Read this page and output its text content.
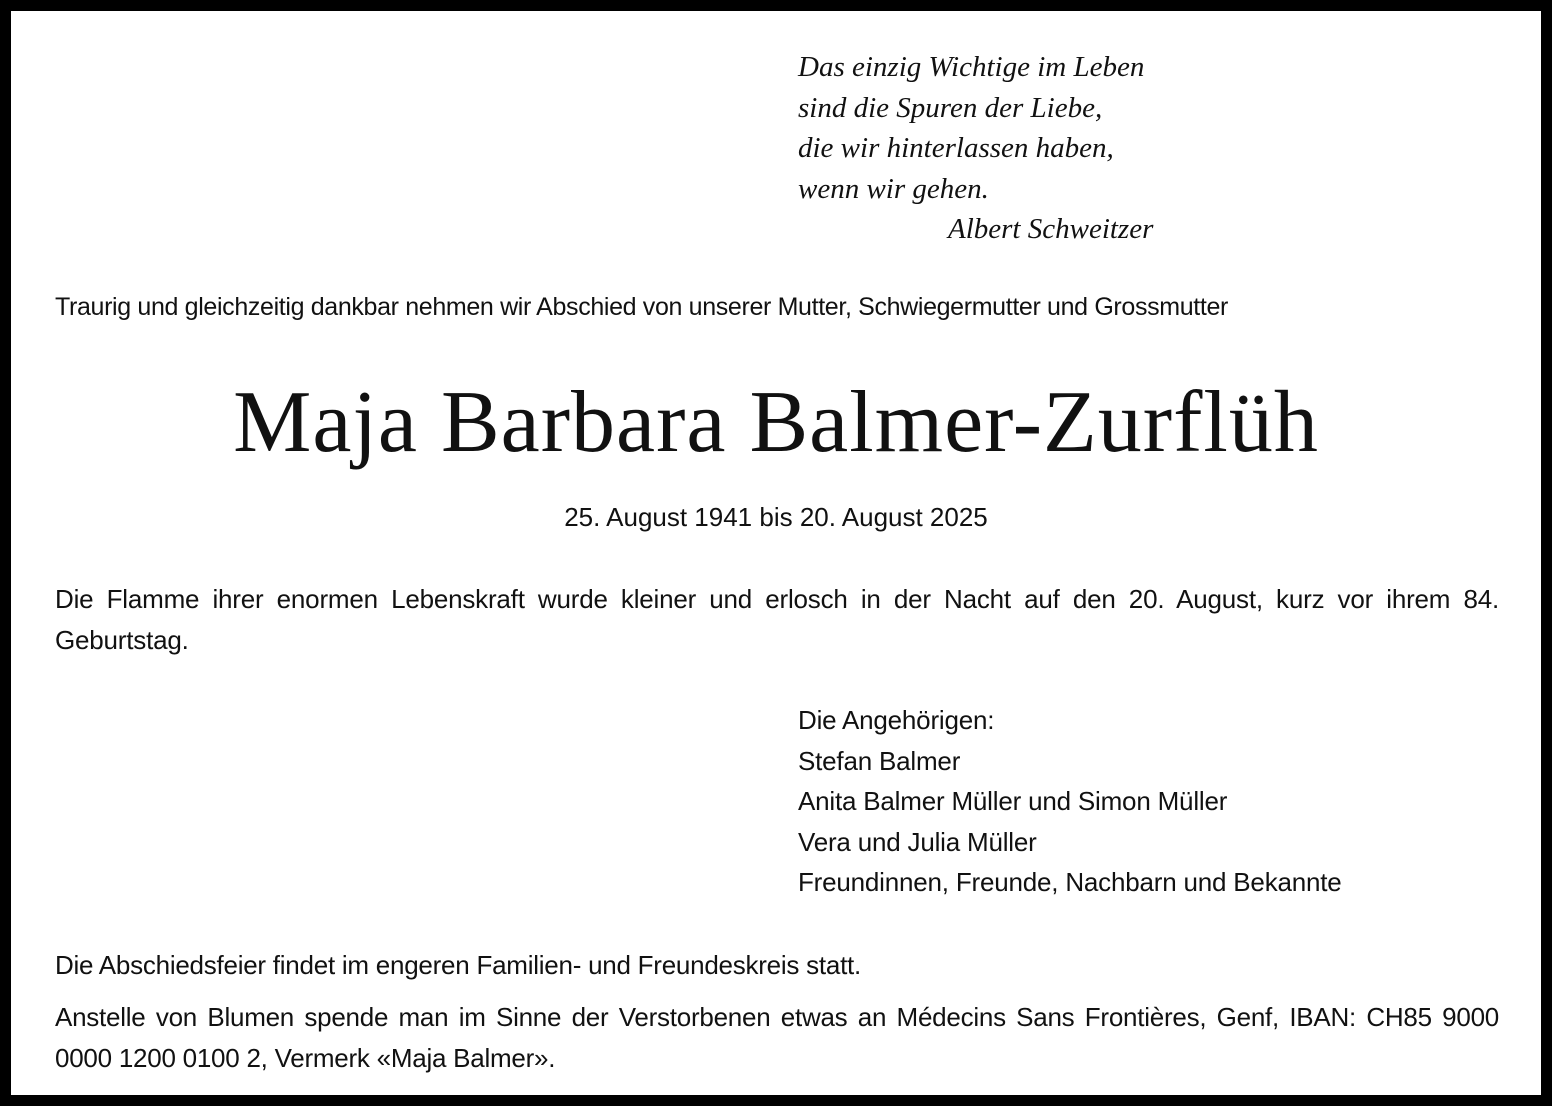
Das einzig Wichtige im Leben
sind die Spuren der Liebe,
die wir hinterlassen haben,
wenn wir gehen.
Albert Schweitzer
Traurig und gleichzeitig dankbar nehmen wir Abschied von unserer Mutter, Schwiegermutter und Grossmutter
Maja Barbara Balmer-Zurflüh
25. August 1941 bis 20. August 2025
Die Flamme ihrer enormen Lebenskraft wurde kleiner und erlosch in der Nacht auf den 20. August, kurz vor ihrem 84. Geburtstag.
Die Angehörigen:
Stefan Balmer
Anita Balmer Müller und Simon Müller
Vera und Julia Müller
Freundinnen, Freunde, Nachbarn und Bekannte
Die Abschiedsfeier findet im engeren Familien- und Freundeskreis statt.
Anstelle von Blumen spende man im Sinne der Verstorbenen etwas an Médecins Sans Frontières, Genf, IBAN: CH85 9000 0000 1200 0100 2, Vermerk «Maja Balmer».
